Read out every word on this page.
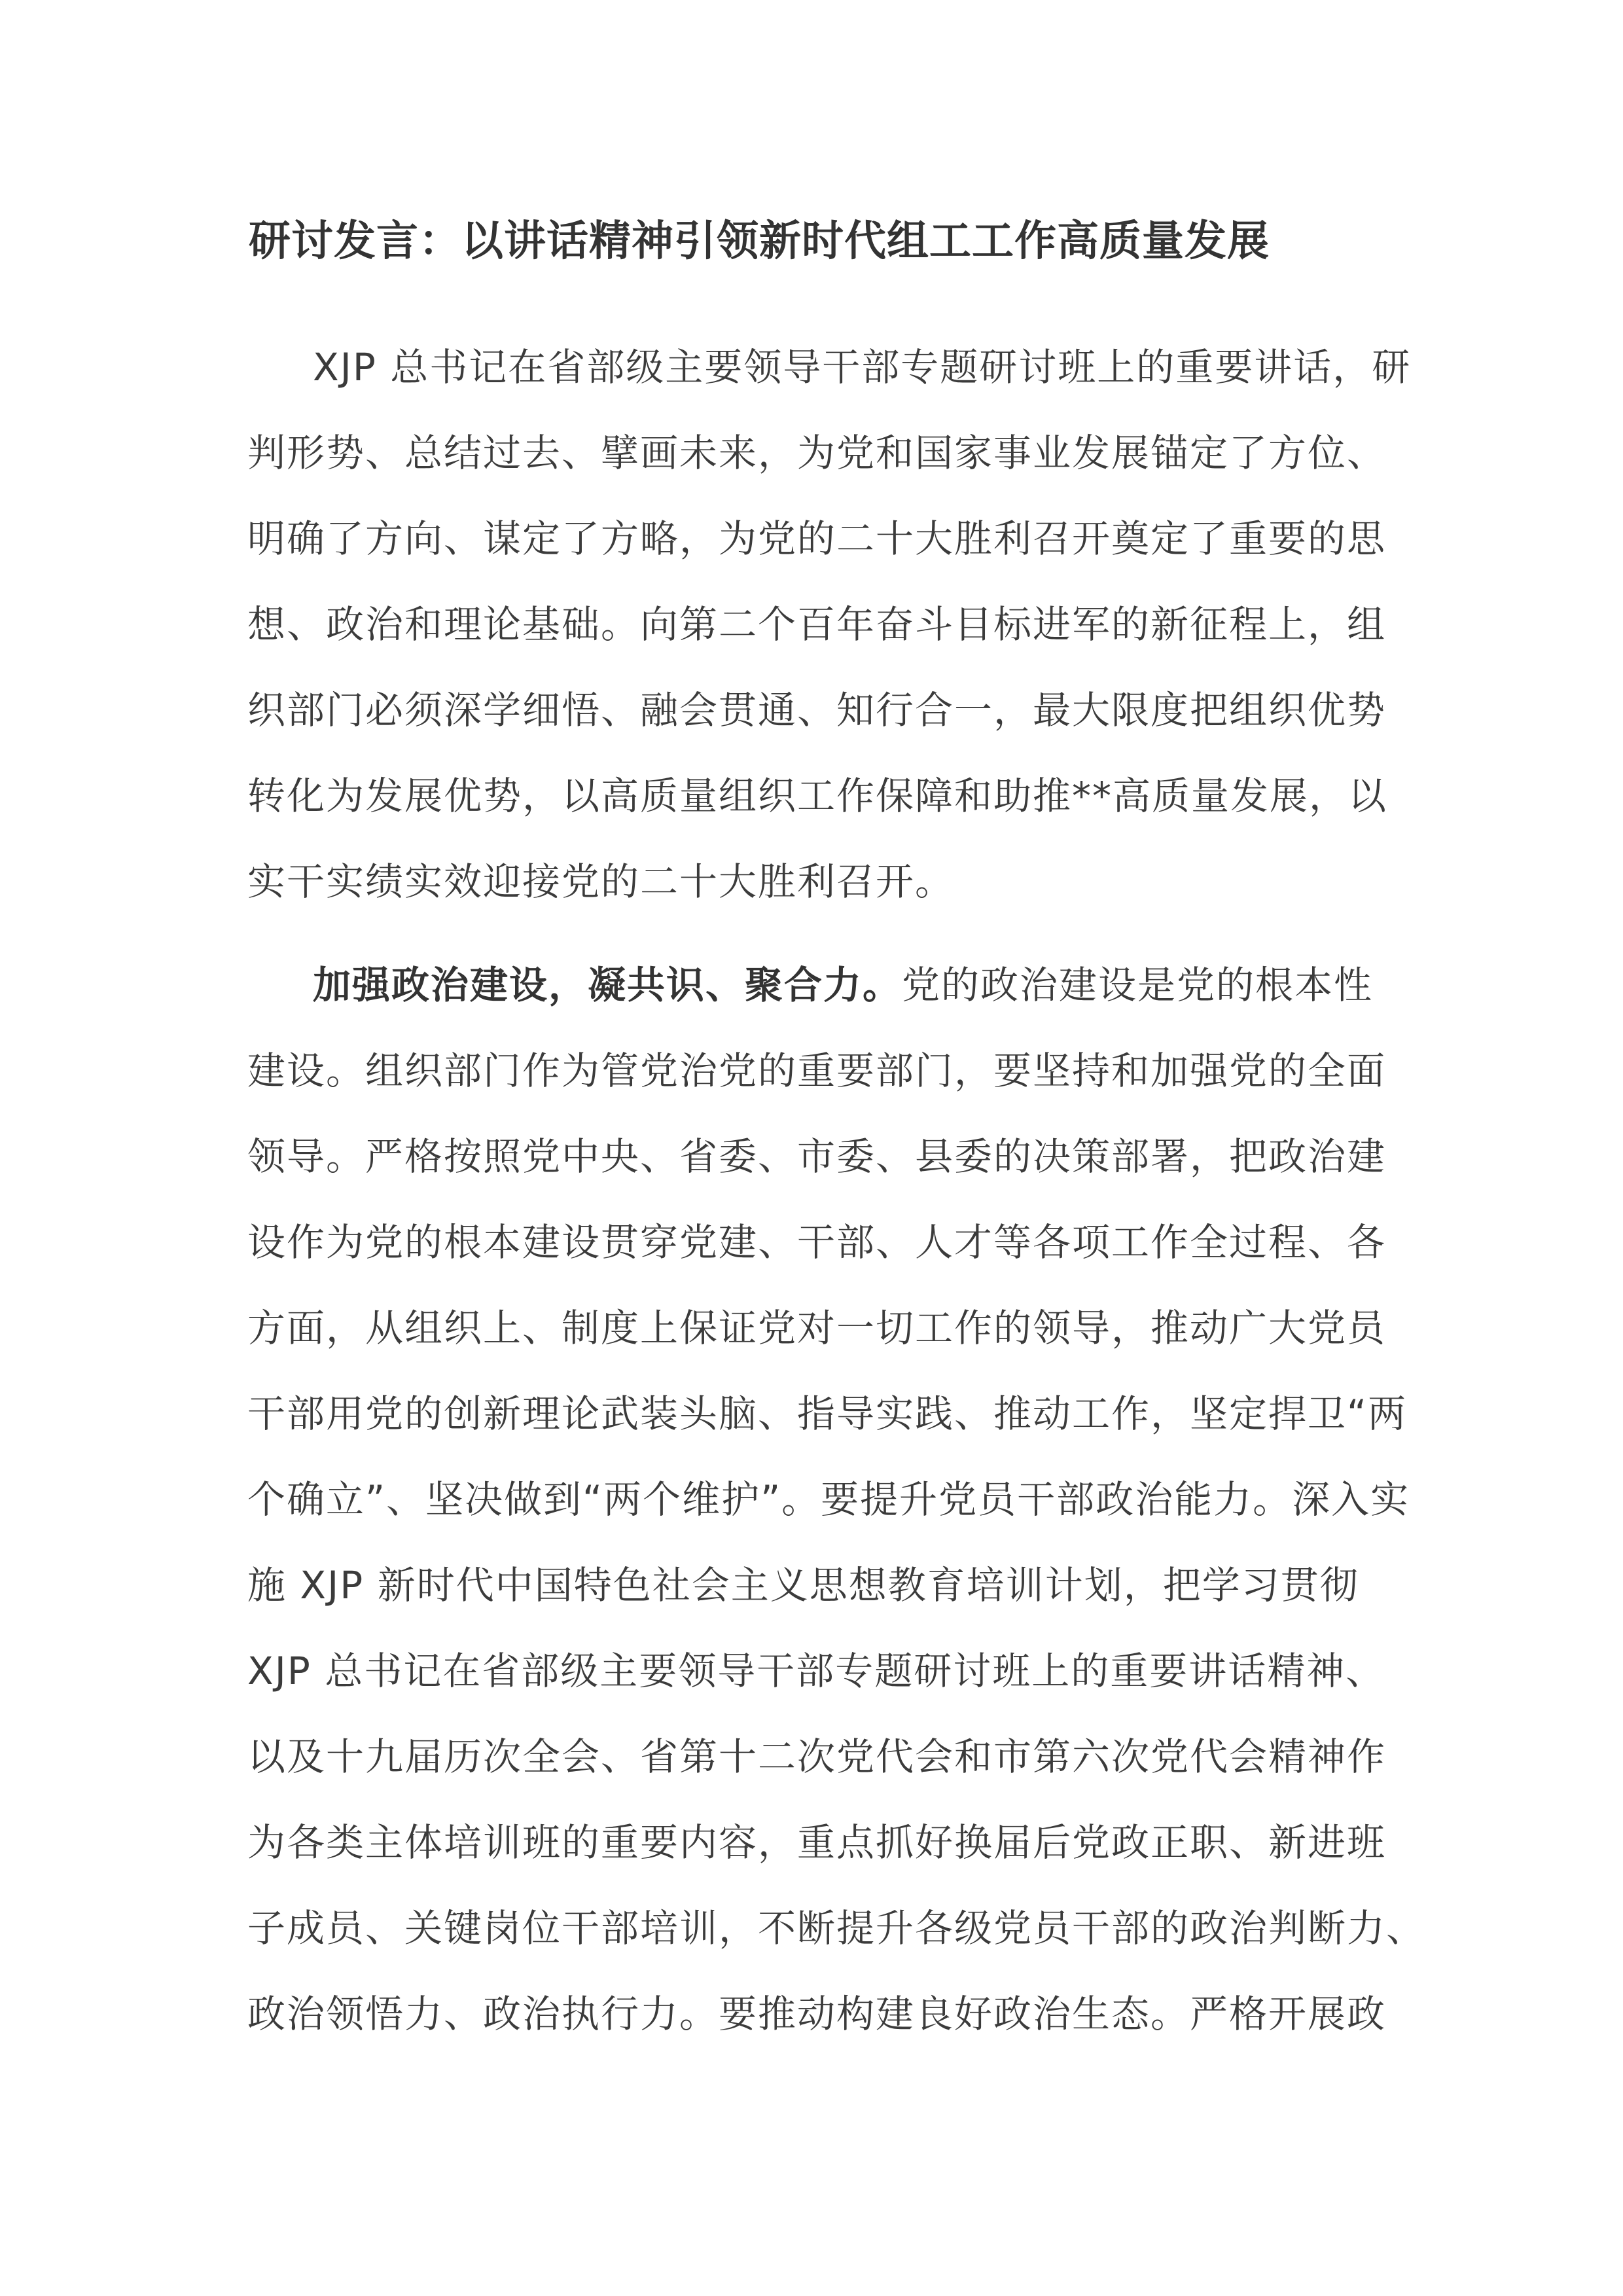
研讨发言：以讲话精神引领新时代组工工作高质量发展
XJP 总书记在省部级主要领导干部专题研讨班上的重要讲话，研
判形势、总结过去、擘画未来，为党和国家事业发展锚定了方位、
明确了方向、谋定了方略，为党的二十大胜利召开奠定了重要的思
想、政治和理论基础。向第二个百年奋斗目标进军的新征程上，组
织部门必须深学细悟、融会贯通、知行合一，最大限度把组织优势
转化为发展优势，以高质量组织工作保障和助推**高质量发展，以
实干实绩实效迎接党的二十大胜利召开。
加强政治建设，凝共识、聚合力。党的政治建设是党的根本性
建设。组织部门作为管党治党的重要部门，要坚持和加强党的全面
领导。严格按照党中央、省委、市委、县委的决策部署，把政治建
设作为党的根本建设贯穿党建、干部、人才等各项工作全过程、各
方面，从组织上、制度上保证党对一切工作的领导，推动广大党员
干部用党的创新理论武装头脑、指导实践、推动工作，坚定捍卫“两
个确立”、坚决做到“两个维护”。要提升党员干部政治能力。深入实
施 XJP 新时代中国特色社会主义思想教育培训计划，把学习贯彻
XJP 总书记在省部级主要领导干部专题研讨班上的重要讲话精神、
以及十九届历次全会、省第十二次党代会和市第六次党代会精神作
为各类主体培训班的重要内容，重点抓好换届后党政正职、新进班
子成员、关键岗位干部培训，不断提升各级党员干部的政治判断力、
政治领悟力、政治执行力。要推动构建良好政治生态。严格开展政
